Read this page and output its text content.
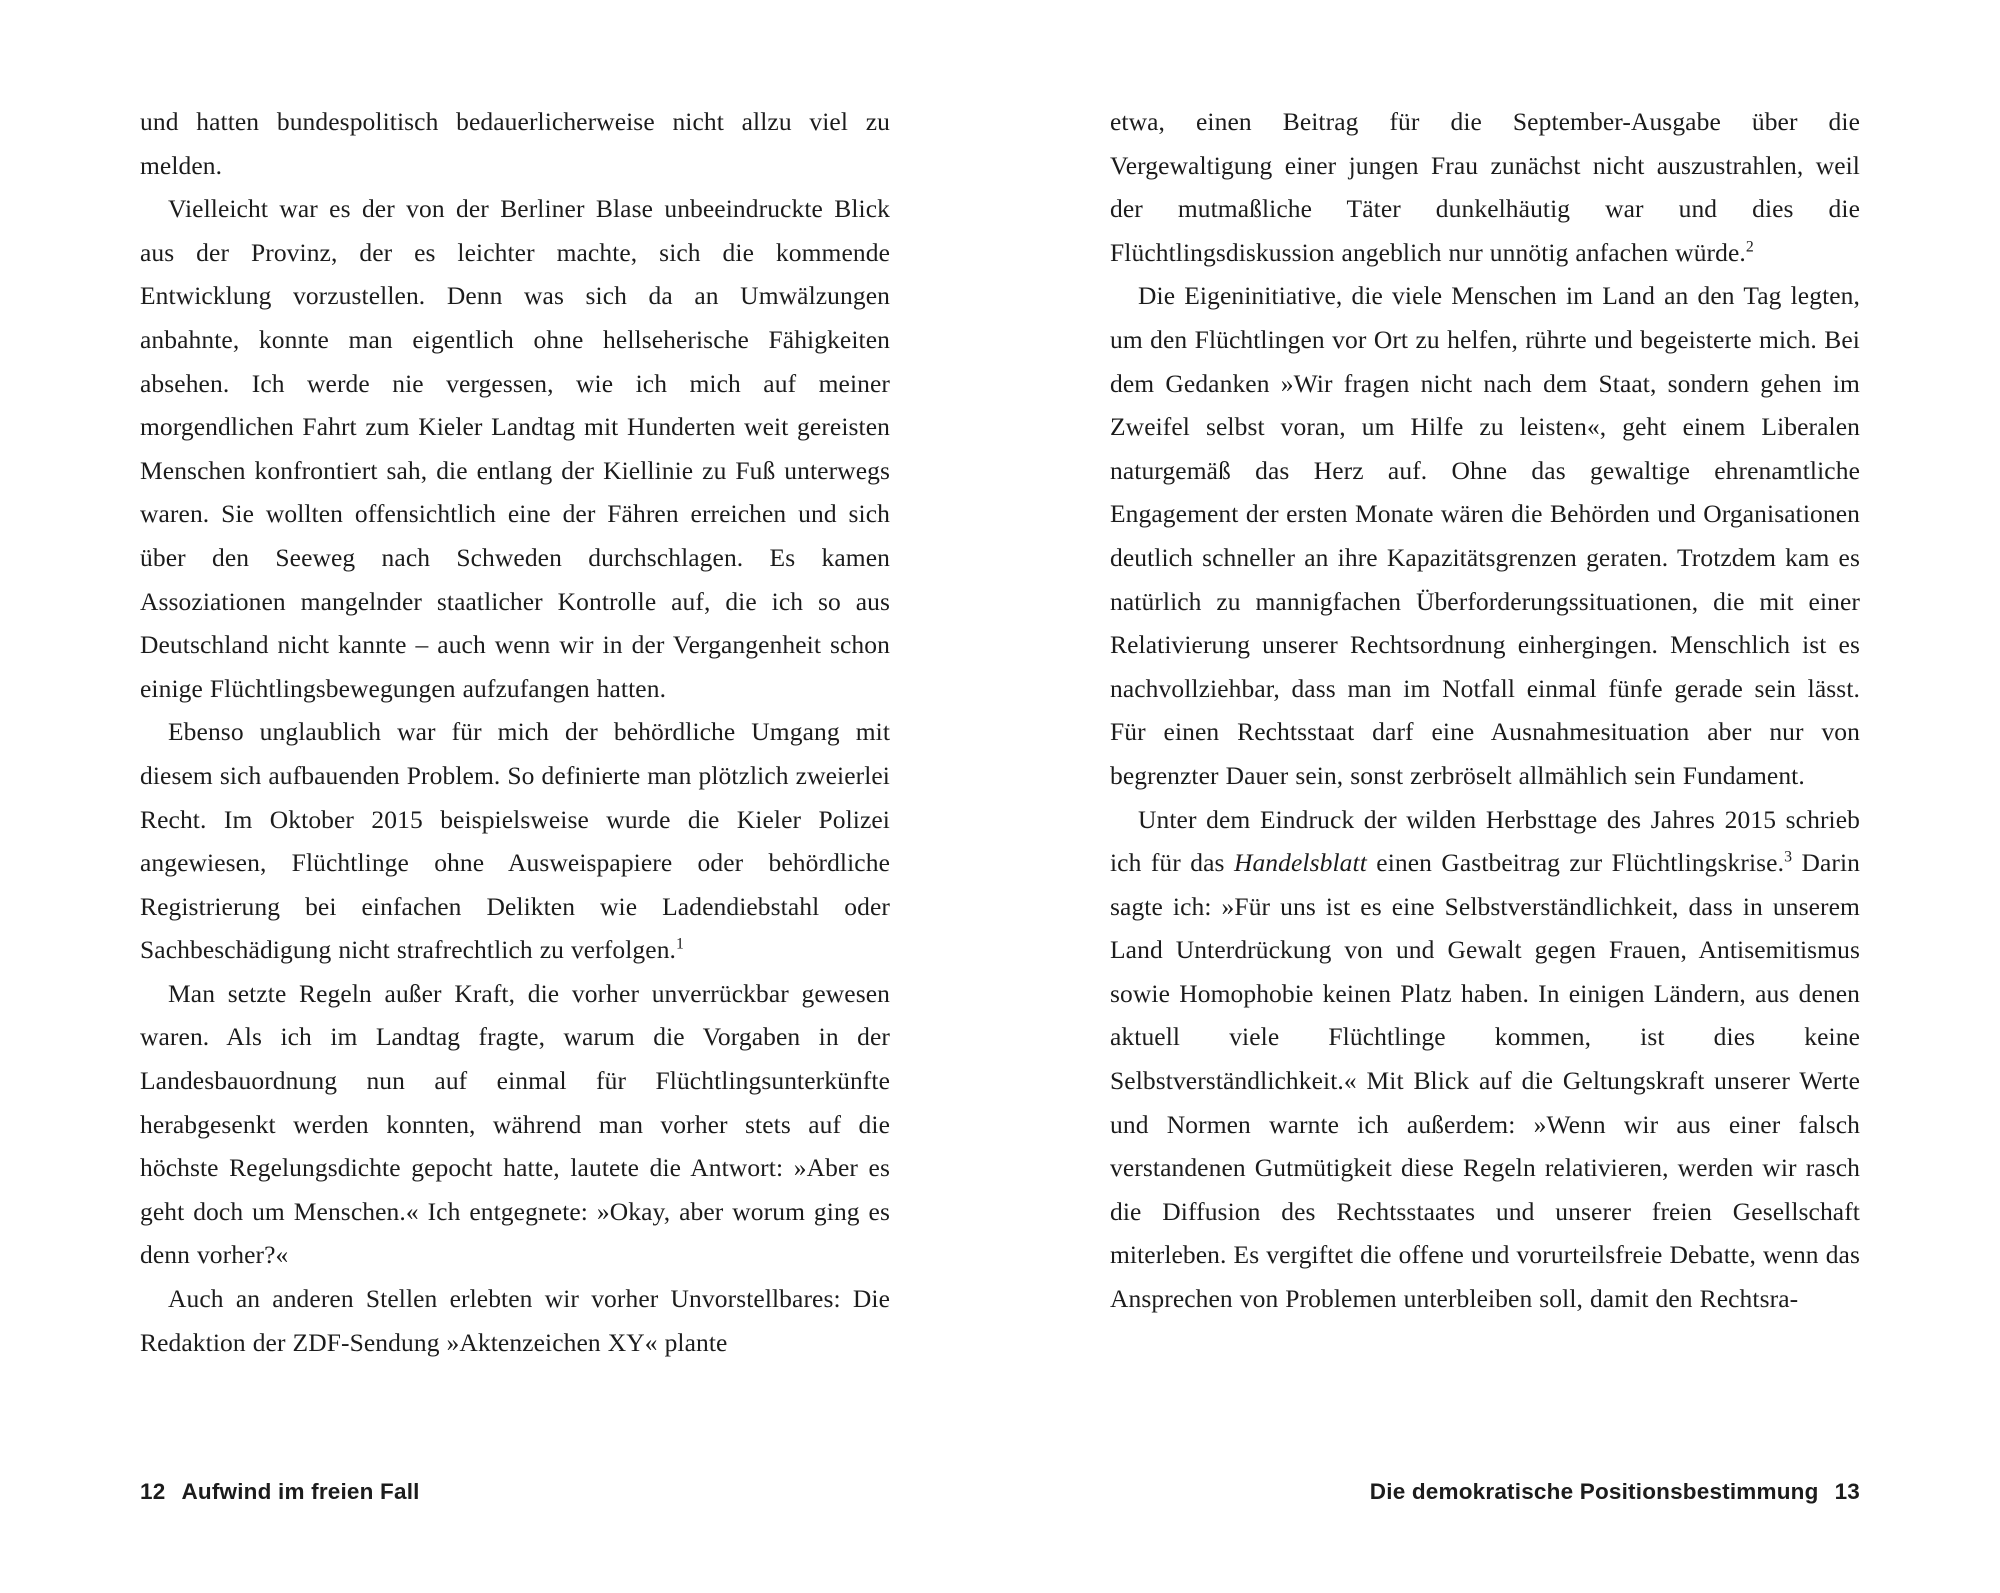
und hatten bundespolitisch bedauerlicherweise nicht allzu viel zu melden.

Vielleicht war es der von der Berliner Blase unbeeindruckte Blick aus der Provinz, der es leichter machte, sich die kommende Entwicklung vorzustellen. Denn was sich da an Umwälzungen anbahnte, konnte man eigentlich ohne hellseherische Fähigkeiten absehen. Ich werde nie vergessen, wie ich mich auf meiner morgendlichen Fahrt zum Kieler Landtag mit Hunderten weit gereisten Menschen konfrontiert sah, die entlang der Kiellinie zu Fuß unterwegs waren. Sie wollten offensichtlich eine der Fähren erreichen und sich über den Seeweg nach Schweden durchschlagen. Es kamen Assoziationen mangelnder staatlicher Kontrolle auf, die ich so aus Deutschland nicht kannte – auch wenn wir in der Vergangenheit schon einige Flüchtlingsbewegungen aufzufangen hatten.

Ebenso unglaublich war für mich der behördliche Umgang mit diesem sich aufbauenden Problem. So definierte man plötzlich zweierlei Recht. Im Oktober 2015 beispielsweise wurde die Kieler Polizei angewiesen, Flüchtlinge ohne Ausweispapiere oder behördliche Registrierung bei einfachen Delikten wie Ladendiebstahl oder Sachbeschädigung nicht strafrechtlich zu verfolgen.$^1$

Man setzte Regeln außer Kraft, die vorher unverrückbar gewesen waren. Als ich im Landtag fragte, warum die Vorgaben in der Landesbauordnung nun auf einmal für Flüchtlingsunterkünfte herabgesenkt werden konnten, während man vorher stets auf die höchste Regelungsdichte gepocht hatte, lautete die Antwort: »Aber es geht doch um Menschen.« Ich entgegnete: »Okay, aber worum ging es denn vorher?«

Auch an anderen Stellen erlebten wir vorher Unvorstellbares: Die Redaktion der ZDF-Sendung »Aktenzeichen XY« plante

12 Aufwind im freien Fall

etwa, einen Beitrag für die September-Ausgabe über die Vergewaltigung einer jungen Frau zunächst nicht auszustrahlen, weil der mutmaßliche Täter dunkelhäutig war und dies die Flüchtlingsdiskussion angeblich nur unnötig anfachen würde.$^2$

Die Eigeninitiative, die viele Menschen im Land an den Tag legten, um den Flüchtlingen vor Ort zu helfen, rührte und begeisterte mich. Bei dem Gedanken »Wir fragen nicht nach dem Staat, sondern gehen im Zweifel selbst voran, um Hilfe zu leisten«, geht einem Liberalen naturgemäß das Herz auf. Ohne das gewaltige ehrenamtliche Engagement der ersten Monate wären die Behörden und Organisationen deutlich schneller an ihre Kapazitätsgrenzen geraten. Trotzdem kam es natürlich zu mannigfachen Überforderungssituationen, die mit einer Relativierung unserer Rechtsordnung einhergingen. Menschlich ist es nachvollziehbar, dass man im Notfall einmal fünfe gerade sein lässt. Für einen Rechtsstaat darf eine Ausnahmesituation aber nur von begrenzter Dauer sein, sonst zerbröselt allmählich sein Fundament.

Unter dem Eindruck der wilden Herbsttage des Jahres 2015 schrieb ich für das Handelsblatt einen Gastbeitrag zur Flüchtlingskrise.$^3$ Darin sagte ich: »Für uns ist es eine Selbstverständlichkeit, dass in unserem Land Unterdrückung von und Gewalt gegen Frauen, Antisemitismus sowie Homophobie keinen Platz haben. In einigen Ländern, aus denen aktuell viele Flüchtlinge kommen, ist dies keine Selbstverständlichkeit.« Mit Blick auf die Geltungskraft unserer Werte und Normen warnte ich außerdem: »Wenn wir aus einer falsch verstandenen Gutmütigkeit diese Regeln relativieren, werden wir rasch die Diffusion des Rechtsstaates und unserer freien Gesellschaft miterleben. Es vergiftet die offene und vorurteilsfreie Debatte, wenn das Ansprechen von Problemen unterbleiben soll, damit den Rechtsra-

Die demokratische Positionsbestimmung 13
